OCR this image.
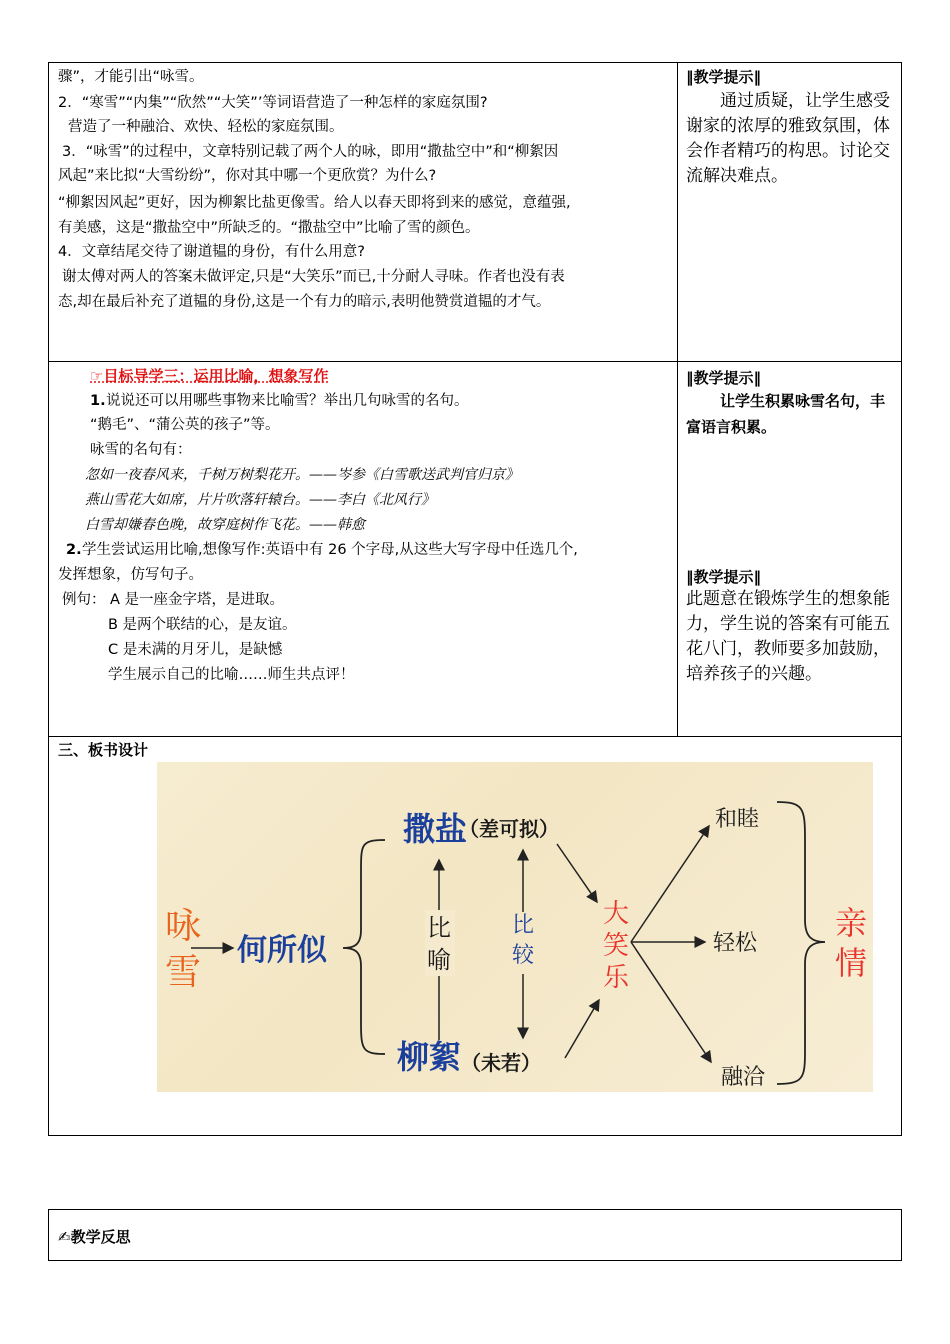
骤”，才能引出“咏雪。
2．“寒雪”“内集”“欣然”“大笑”’等词语营造了一种怎样的家庭氛围?
营造了一种融洽、欢快、轻松的家庭氛围。
3．“咏雪”的过程中，文章特别记载了两个人的咏，即用“撒盐空中”和“柳絮因
风起”来比拟“大雪纷纷”，你对其中哪一个更欣赏？为什么?
“柳絮因风起”更好，因为柳絮比盐更像雪。给人以春天即将到来的感觉，意蕴强,
有美感，这是“撒盐空中”所缺乏的。“撒盐空中”比喻了雪的颜色。
4．文章结尾交待了谢道韫的身份，有什么用意?
谢太傅对两人的答案未做评定,只是“大笑乐”而已,十分耐人寻味。作者也没有表
态,却在最后补充了道韫的身份,这是一个有力的暗示,表明他赞赏道韫的才气。
‖教学提示‖
通过质疑，让学生感受谢家的浓厚的雅致氛围，体会作者精巧的构思。讨论交流解决难点。
☞目标导学三：运用比喻，想象写作
1. 说说还可以用哪些事物来比喻雪？举出几句咏雪的名句。
“鹅毛”、“蒲公英的孩子”等。
咏雪的名句有：
忽如一夜春风来，千树万树梨花开。——岑参《白雪歌送武判官归京》
燕山雪花大如席，片片吹落轩辕台。——李白《北风行》
白雪却嫌春色晚，故穿庭树作飞花。——韩愈
2. 学生尝试运用比喻,想像写作:英语中有 26 个字母,从这些大写字母中任选几个,
发挥想象，仿写句子。
例句： A 是一座金字塔，是进取。
B 是两个联结的心，是友谊。
C 是未满的月牙儿，是缺憾
学生展示自己的比喻……师生共点评！
‖教学提示‖
让学生积累咏雪名句，丰富语言积累。
‖教学提示‖
此题意在锻炼学生的想象能力，学生说的答案有可能五花八门，教师要多加鼓励，培养孩子的兴趣。
三、板书设计
咏
雪
何所似
撒盐
（差可拟）
柳絮 （未若）
比
喻
比
较
大
笑
乐
和睦
轻松
融洽
亲
情
✍教学反思
